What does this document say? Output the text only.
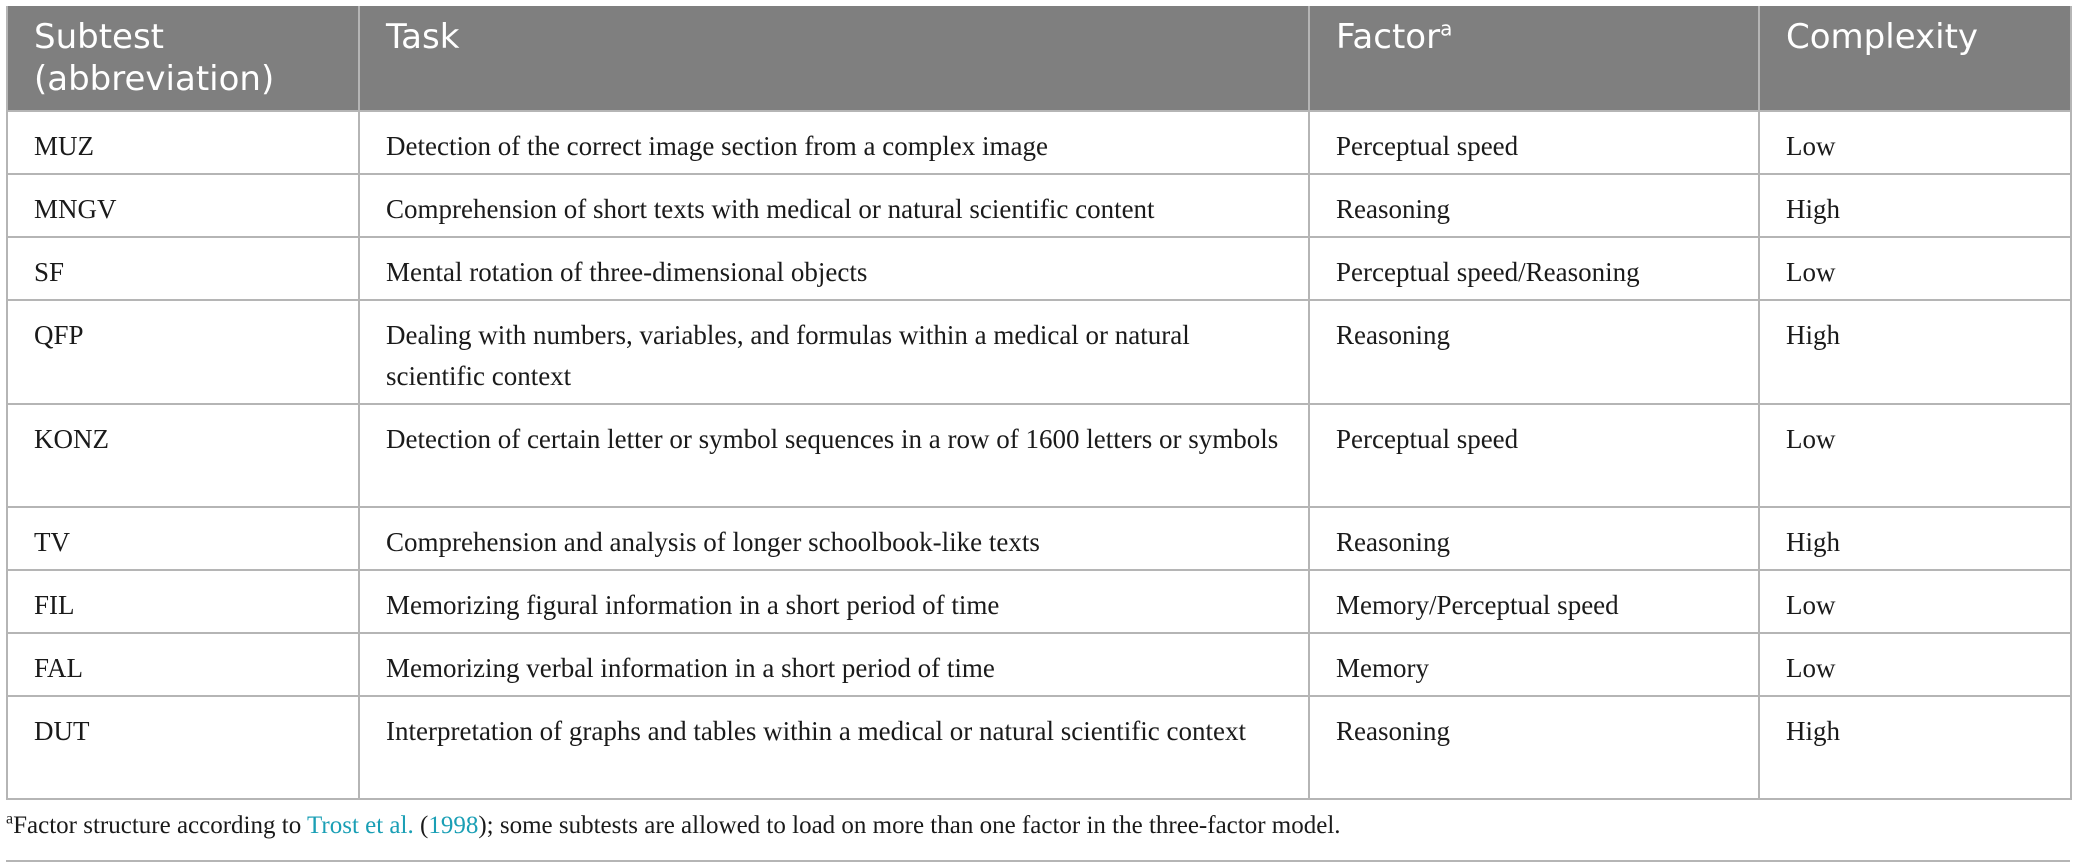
Subtest (abbreviation)	Task	Factor$^a$	Complexity
MUZ	Detection of the correct image section from a complex image	Perceptual speed	Low
MNGV	Comprehension of short texts with medical or natural scientific content	Reasoning	High
SF	Mental rotation of three-dimensional objects	Perceptual speed/Reasoning	Low
QFP	Dealing with numbers, variables, and formulas within a medical or natural scientific context	Reasoning	High
KONZ	Detection of certain letter or symbol sequences in a row of 1600 letters or symbols	Perceptual speed	Low
TV	Comprehension and analysis of longer schoolbook-like texts	Reasoning	High
FIL	Memorizing figural information in a short period of time	Memory/Perceptual speed	Low
FAL	Memorizing verbal information in a short period of time	Memory	Low
DUT	Interpretation of graphs and tables within a medical or natural scientific context	Reasoning	High
$^a$Factor structure according to Trost et al. (1998); some subtests are allowed to load on more than one factor in the three-factor model.
